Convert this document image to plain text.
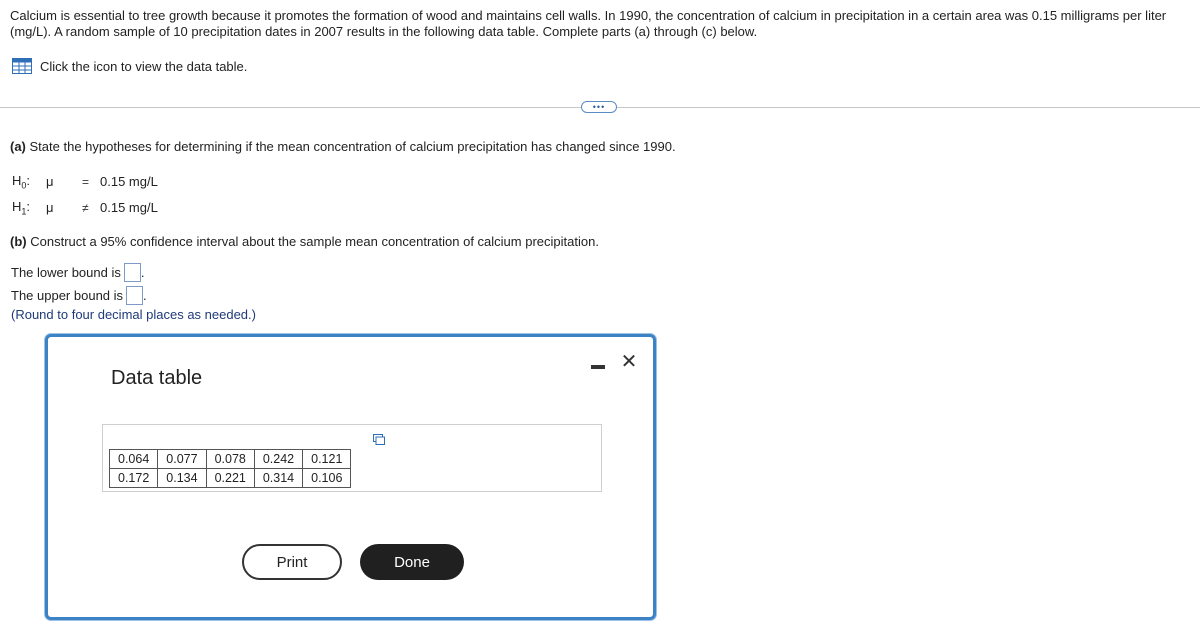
Calcium is essential to tree growth because it promotes the formation of wood and maintains cell walls. In 1990, the concentration of calcium in precipitation in a certain area was 0.15 milligrams per liter (mg/L). A random sample of 10 precipitation dates in 2007 results in the following data table. Complete parts (a) through (c) below.
Click the icon to view the data table.
•••
(a) State the hypotheses for determining if the mean concentration of calcium precipitation has changed since 1990.
$H_0$:	μ	= 0.15 mg/L
$H_1$:	μ	≠ 0.15 mg/L
(b) Construct a 95% confidence interval about the sample mean concentration of calcium precipitation.
The lower bound is .
The upper bound is .
(Round to four decimal places as needed.)
Data table
✕
0.064	0.077	0.078	0.242	0.121
0.172	0.134	0.221	0.314	0.106
Print	Done
